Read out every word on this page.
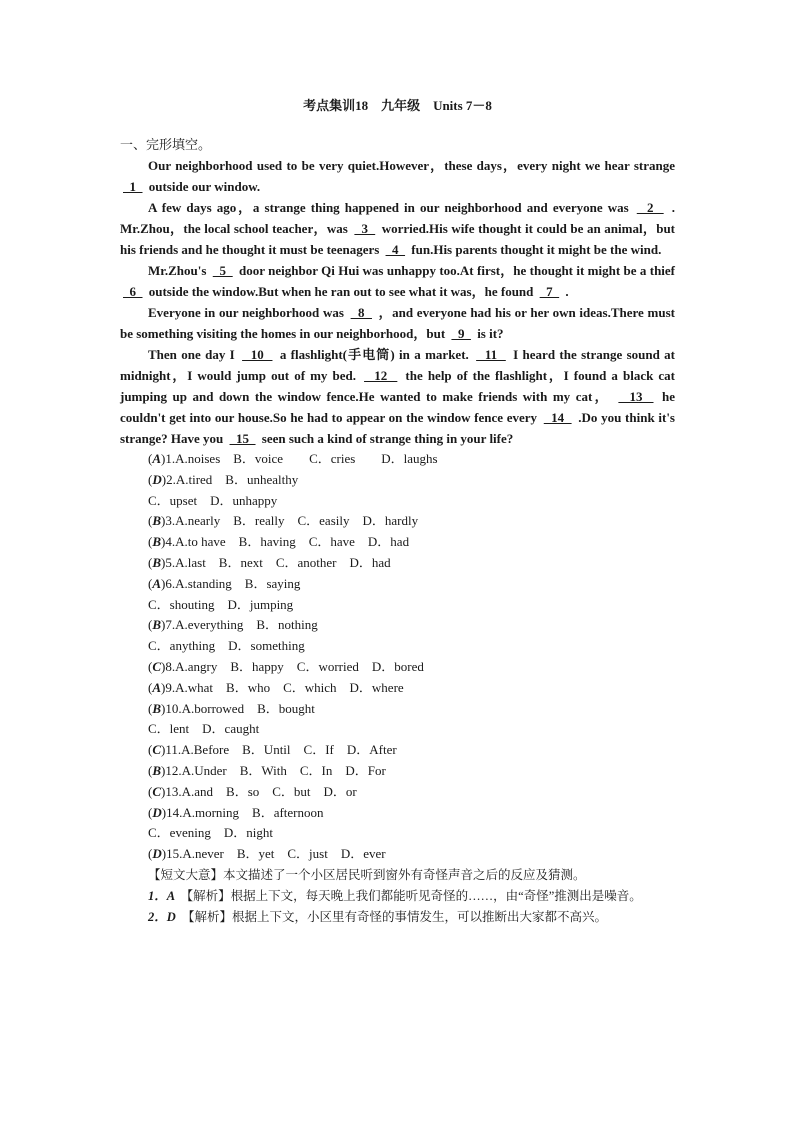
考点集训18　九年级　Units 7－8
一、完形填空。

Our neighborhood used to be very quiet.However，these days，every night we hear strange   1   outside our window.

A few days ago，a strange thing happened in our neighborhood and everyone was   2   . Mr.Zhou，the local school teacher，was   3   worried.His wife thought it could be an animal，but his friends and he thought it must be teenagers   4   fun.His parents thought it might be the wind.

Mr.Zhou's   5   door neighbor Qi Hui was unhappy too.At first，he thought it might be a thief   6   outside the window.But when he ran out to see what it was，he found   7   .

Everyone in our neighborhood was   8   ，and everyone had his or her own ideas.There must be something visiting the homes in our neighborhood，but   9   is it?

Then one day I   10   a flashlight(手电筒) in a market.   11   I heard the strange sound at midnight，I would jump out of my bed.   12   the help of the flashlight，I found a black cat jumping up and down the window fence.He wanted to make friends with my cat，   13   he couldn't get into our house.So he had to appear on the window fence every   14   .Do you think it's strange? Have you   15   seen such a kind of strange thing in your life?

(A)1.A.noises　B．voice　　C．cries　　D．laughs
(D)2.A.tired　B．unhealthy
C．upset　D．unhappy
(B)3.A.nearly　B．really　C．easily　D．hardly
(B)4.A.to have　B．having　C．have　D．had
(B)5.A.last　B．next　C．another　D．had
(A)6.A.standing　B．saying
C．shouting　D．jumping
(B)7.A.everything　B．nothing
C．anything　D．something
(C)8.A.angry　B．happy　C．worried　D．bored
(A)9.A.what　B．who　C．which　D．where
(B)10.A.borrowed　B．bought
C．lent　D．caught
(C)11.A.Before　B．Until　C．If　D．After
(B)12.A.Under　B．With　C．In　D．For
(C)13.A.and　B．so　C．but　D．or
(D)14.A.morning　B．afternoon
C．evening　D．night
(D)15.A.never　B．yet　C．just　D．ever

【短文大意】本文描述了一个小区居民听到窗外有奇怪声音之后的反应及猜测。

1．A　【解析】根据上下文，每天晚上我们都能听见奇怪的……，由“奇怪”推测出是噪音。

2．D　【解析】根据上下文，小区里有奇怪的事情发生，可以推断出大家都不高兴。
